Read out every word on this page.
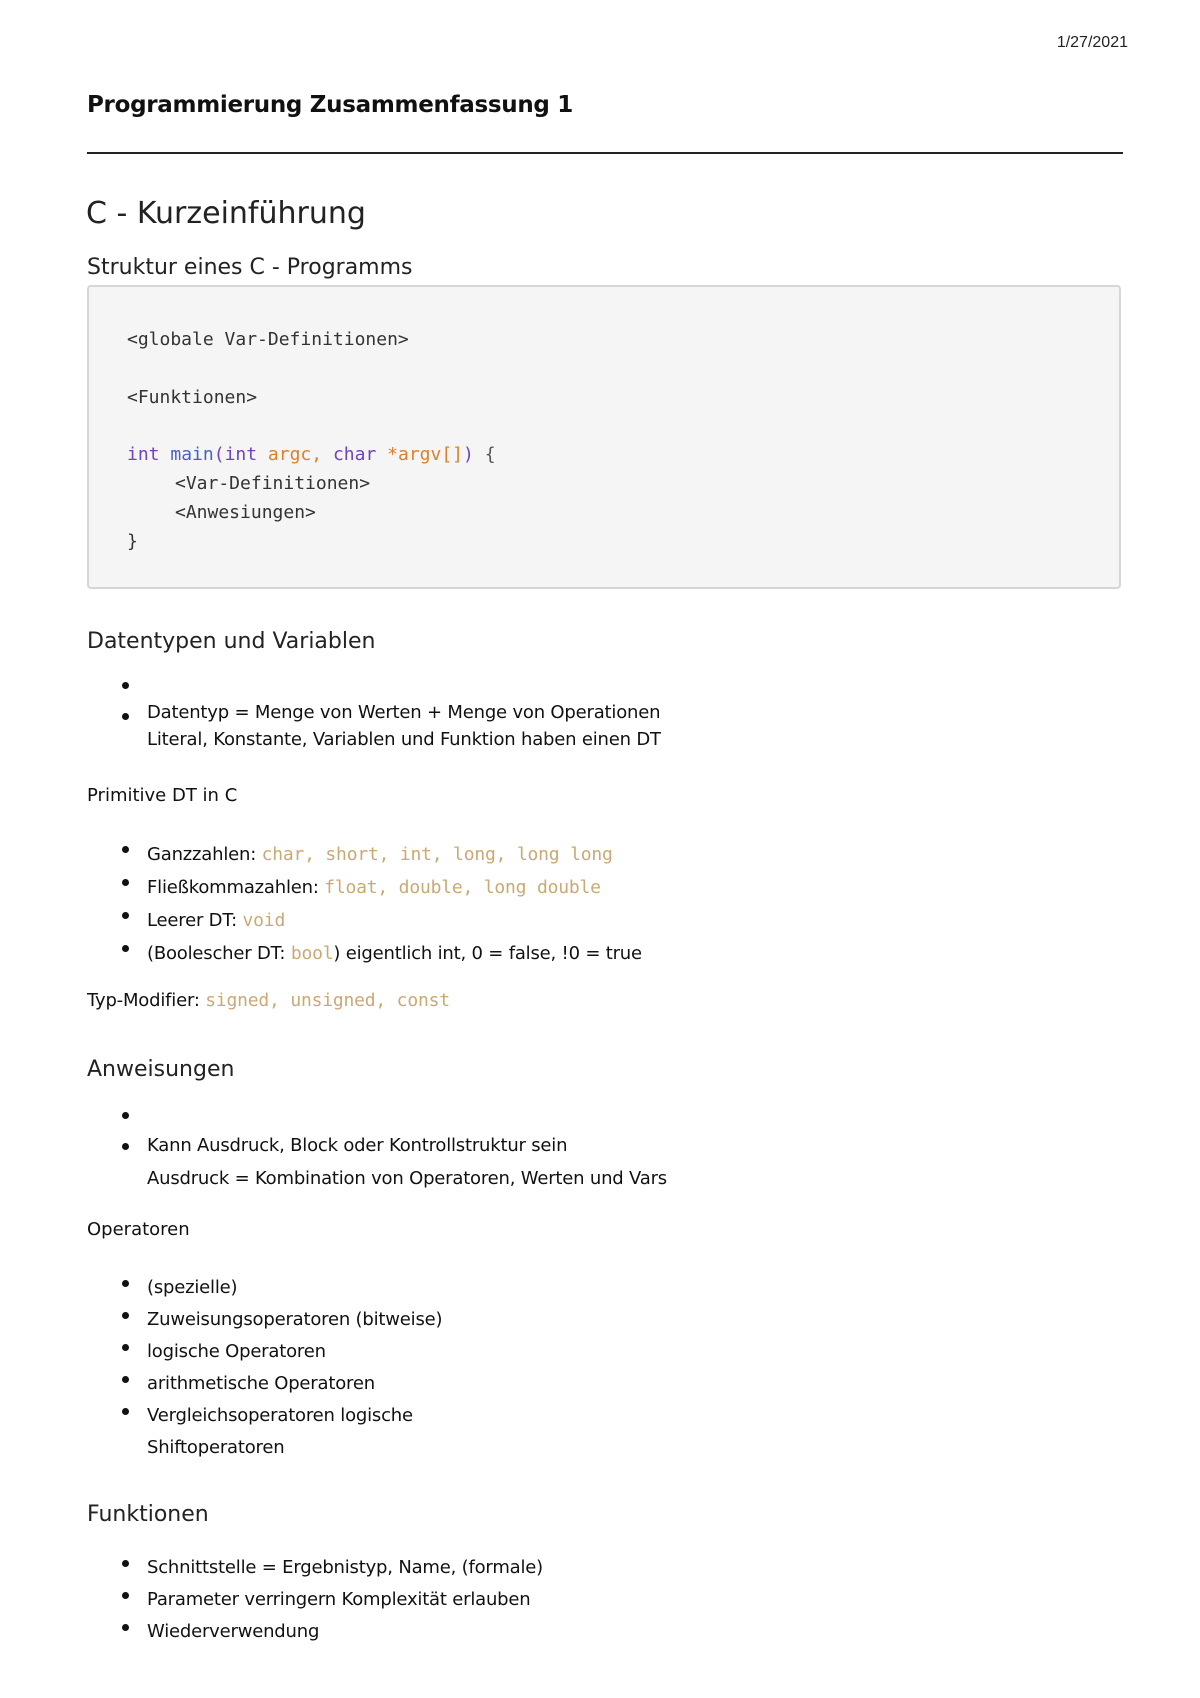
1/27/2021
Programmierung Zusammenfassung 1
C - Kurzeinführung
Struktur eines C - Programms
<globale Var-Definitionen>
<Funktionen>
int main(int argc, char *argv[]) {
<Var-Definitionen>
<Anwesiungen>
}
Datentypen und Variablen
Datentyp = Menge von Werten + Menge von Operationen
Literal, Konstante, Variablen und Funktion haben einen DT
Primitive DT in C
Ganzzahlen: char, short, int, long, long long
Fließkommazahlen: float, double, long double
Leerer DT: void
(Boolescher DT: bool) eigentlich int, 0 = false, !0 = true
Typ-Modifier: signed, unsigned, const
Anweisungen
Kann Ausdruck, Block oder Kontrollstruktur sein
Ausdruck = Kombination von Operatoren, Werten und Vars
Operatoren
(spezielle)
Zuweisungsoperatoren (bitweise)
logische Operatoren
arithmetische Operatoren
Vergleichsoperatoren logische
Shiftoperatoren
Funktionen
Schnittstelle = Ergebnistyp, Name, (formale)
Parameter verringern Komplexität erlauben
Wiederverwendung
